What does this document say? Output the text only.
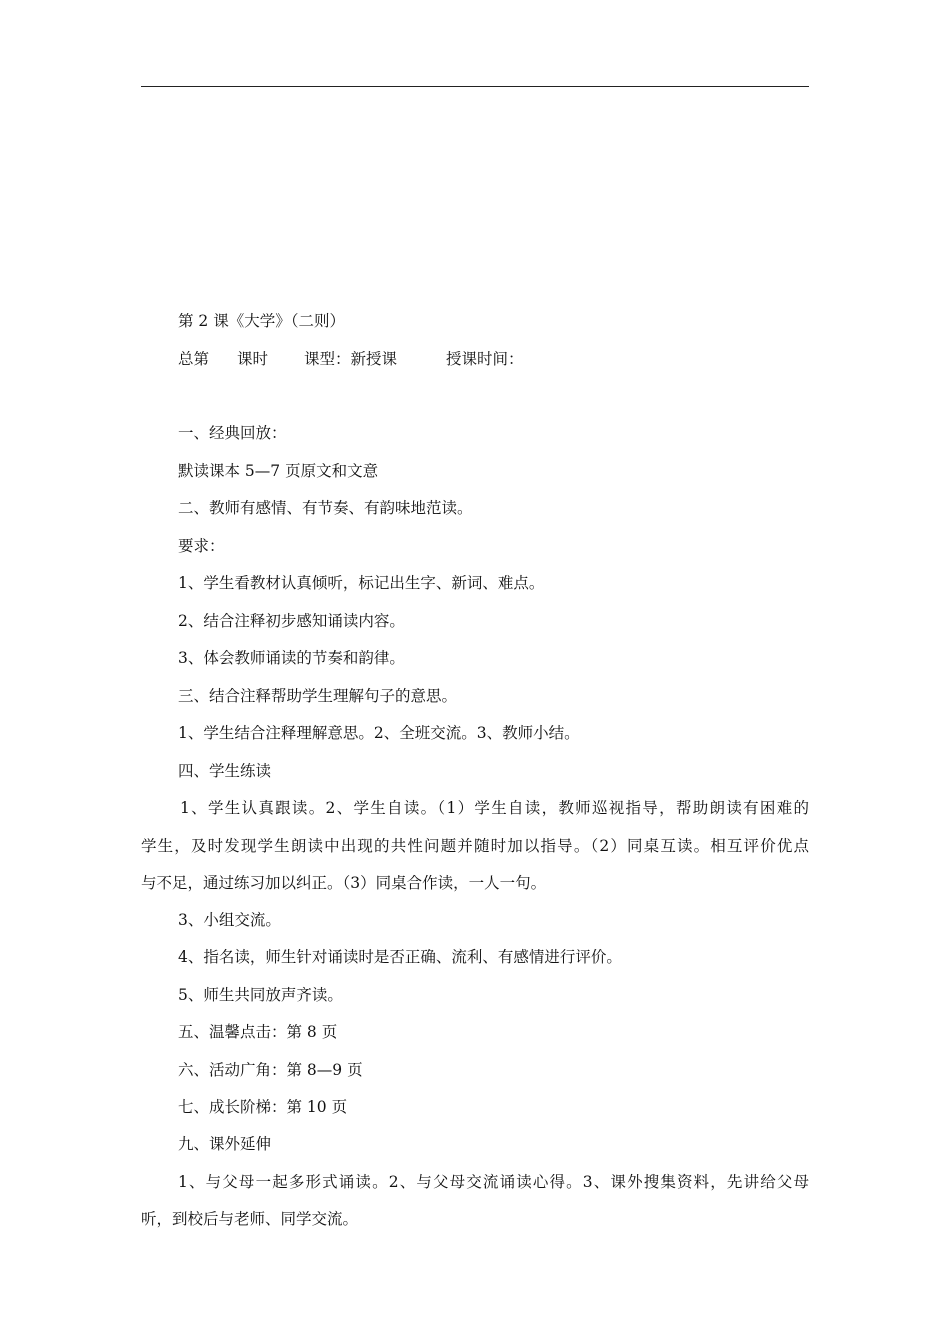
第 2 课《大学》（二则）
总第 课时 课型：新授课	授课时间：
一、经典回放：
默读课本 5—7 页原文和文意
二、教师有感情、有节奏、有韵味地范读。
要求：
1、学生看教材认真倾听，标记出生字、新词、难点。
2、结合注释初步感知诵读内容。
3、体会教师诵读的节奏和韵律。
三、结合注释帮助学生理解句子的意思。
1、学生结合注释理解意思。2、全班交流。3、教师小结。
四、学生练读
1、学生认真跟读。2、学生自读。（1）学生自读，教师巡视指导，帮助朗读有困难的
学生，及时发现学生朗读中出现的共性问题并随时加以指导。（2）同桌互读。相互评价优点
与不足，通过练习加以纠正。（3）同桌合作读，一人一句。
3、小组交流。
4、指名读，师生针对诵读时是否正确、流利、有感情进行评价。
5、师生共同放声齐读。
五、温馨点击：第 8 页
六、活动广角：第 8—9 页
七、成长阶梯：第 10 页
九、课外延伸
1、与父母一起多形式诵读。2、与父母交流诵读心得。3、课外搜集资料，先讲给父母
听，到校后与老师、同学交流。
